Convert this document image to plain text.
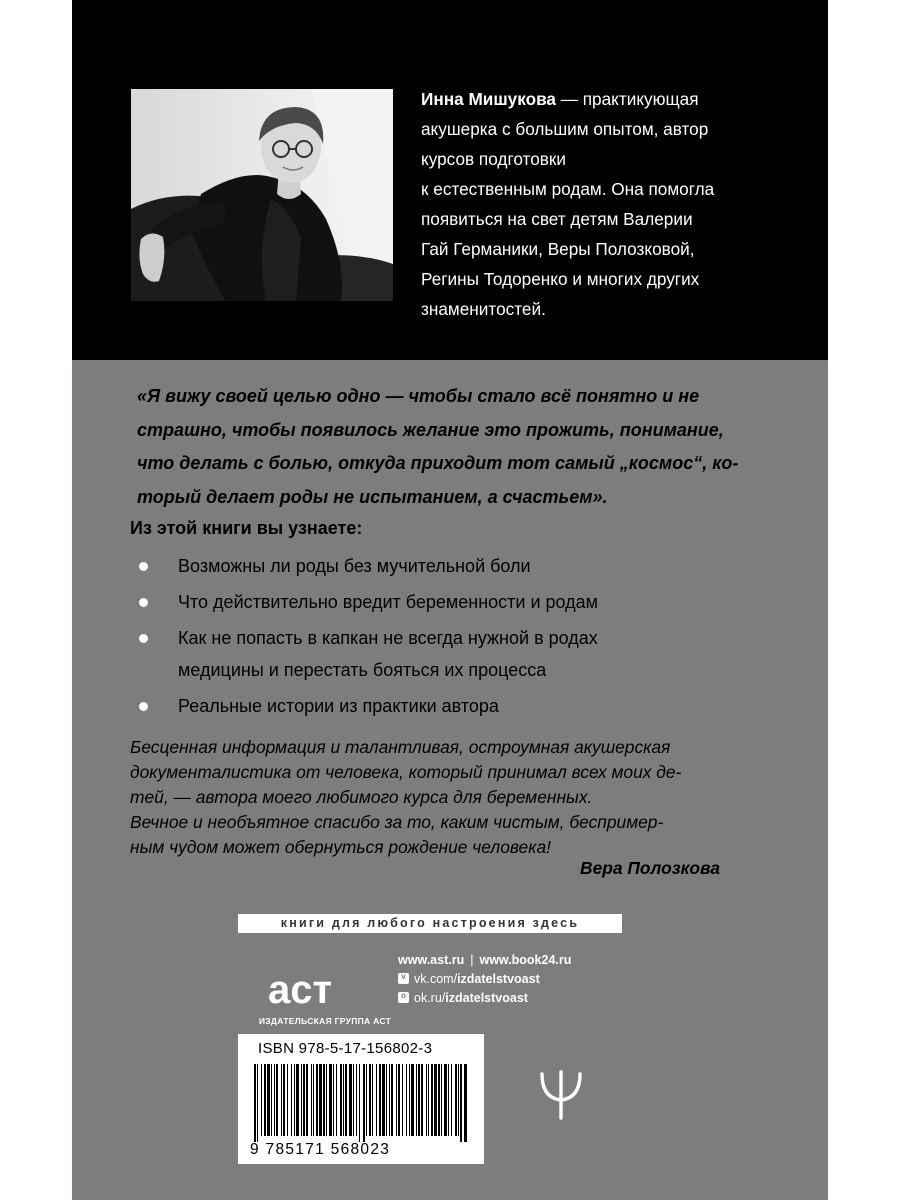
Инна Мишукова — практикующая

акушерка с большим опытом, автор

курсов подготовки

к естественным родам. Она помогла

появиться на свет детям Валерии

Гай Германики, Веры Полозковой,

Регины Тодоренко и многих других

знаменитостей.

«Я вижу своей целью одно — чтобы стало всё понятно и не
страшно, чтобы появилось желание это прожить, понимание,
что делать с болью, откуда приходит тот самый „космос“, ко-
торый делает роды не испытанием, а счастьем».
Из этой книги вы узнаете:
Возможны ли роды без мучительной боли
Что действительно вредит беременности и родам
Как не попасть в капкан не всегда нужной в родах медицины и перестать бояться их процесса
Реальные истории из практики автора
Бесценная информация и талантливая, остроумная акушерская
документалистика от человека, который принимал всех моих де-
тей, — автора моего любимого курса для беременных.
Вечное и необъятное спасибо за то, каким чистым, беспример-
ным чудом может обернуться рождение человека!
Вера Полозкова
книги для любого настроения здесь
аст
ИЗДАТЕЛЬСКАЯ ГРУППА АСТ
www.ast.ru | www.book24.ru
v vk.com/ izdatelstvoast
o ok.ru/ izdatelstvoast
ISBN 978-5-17-156802-3
9 785171 568023
